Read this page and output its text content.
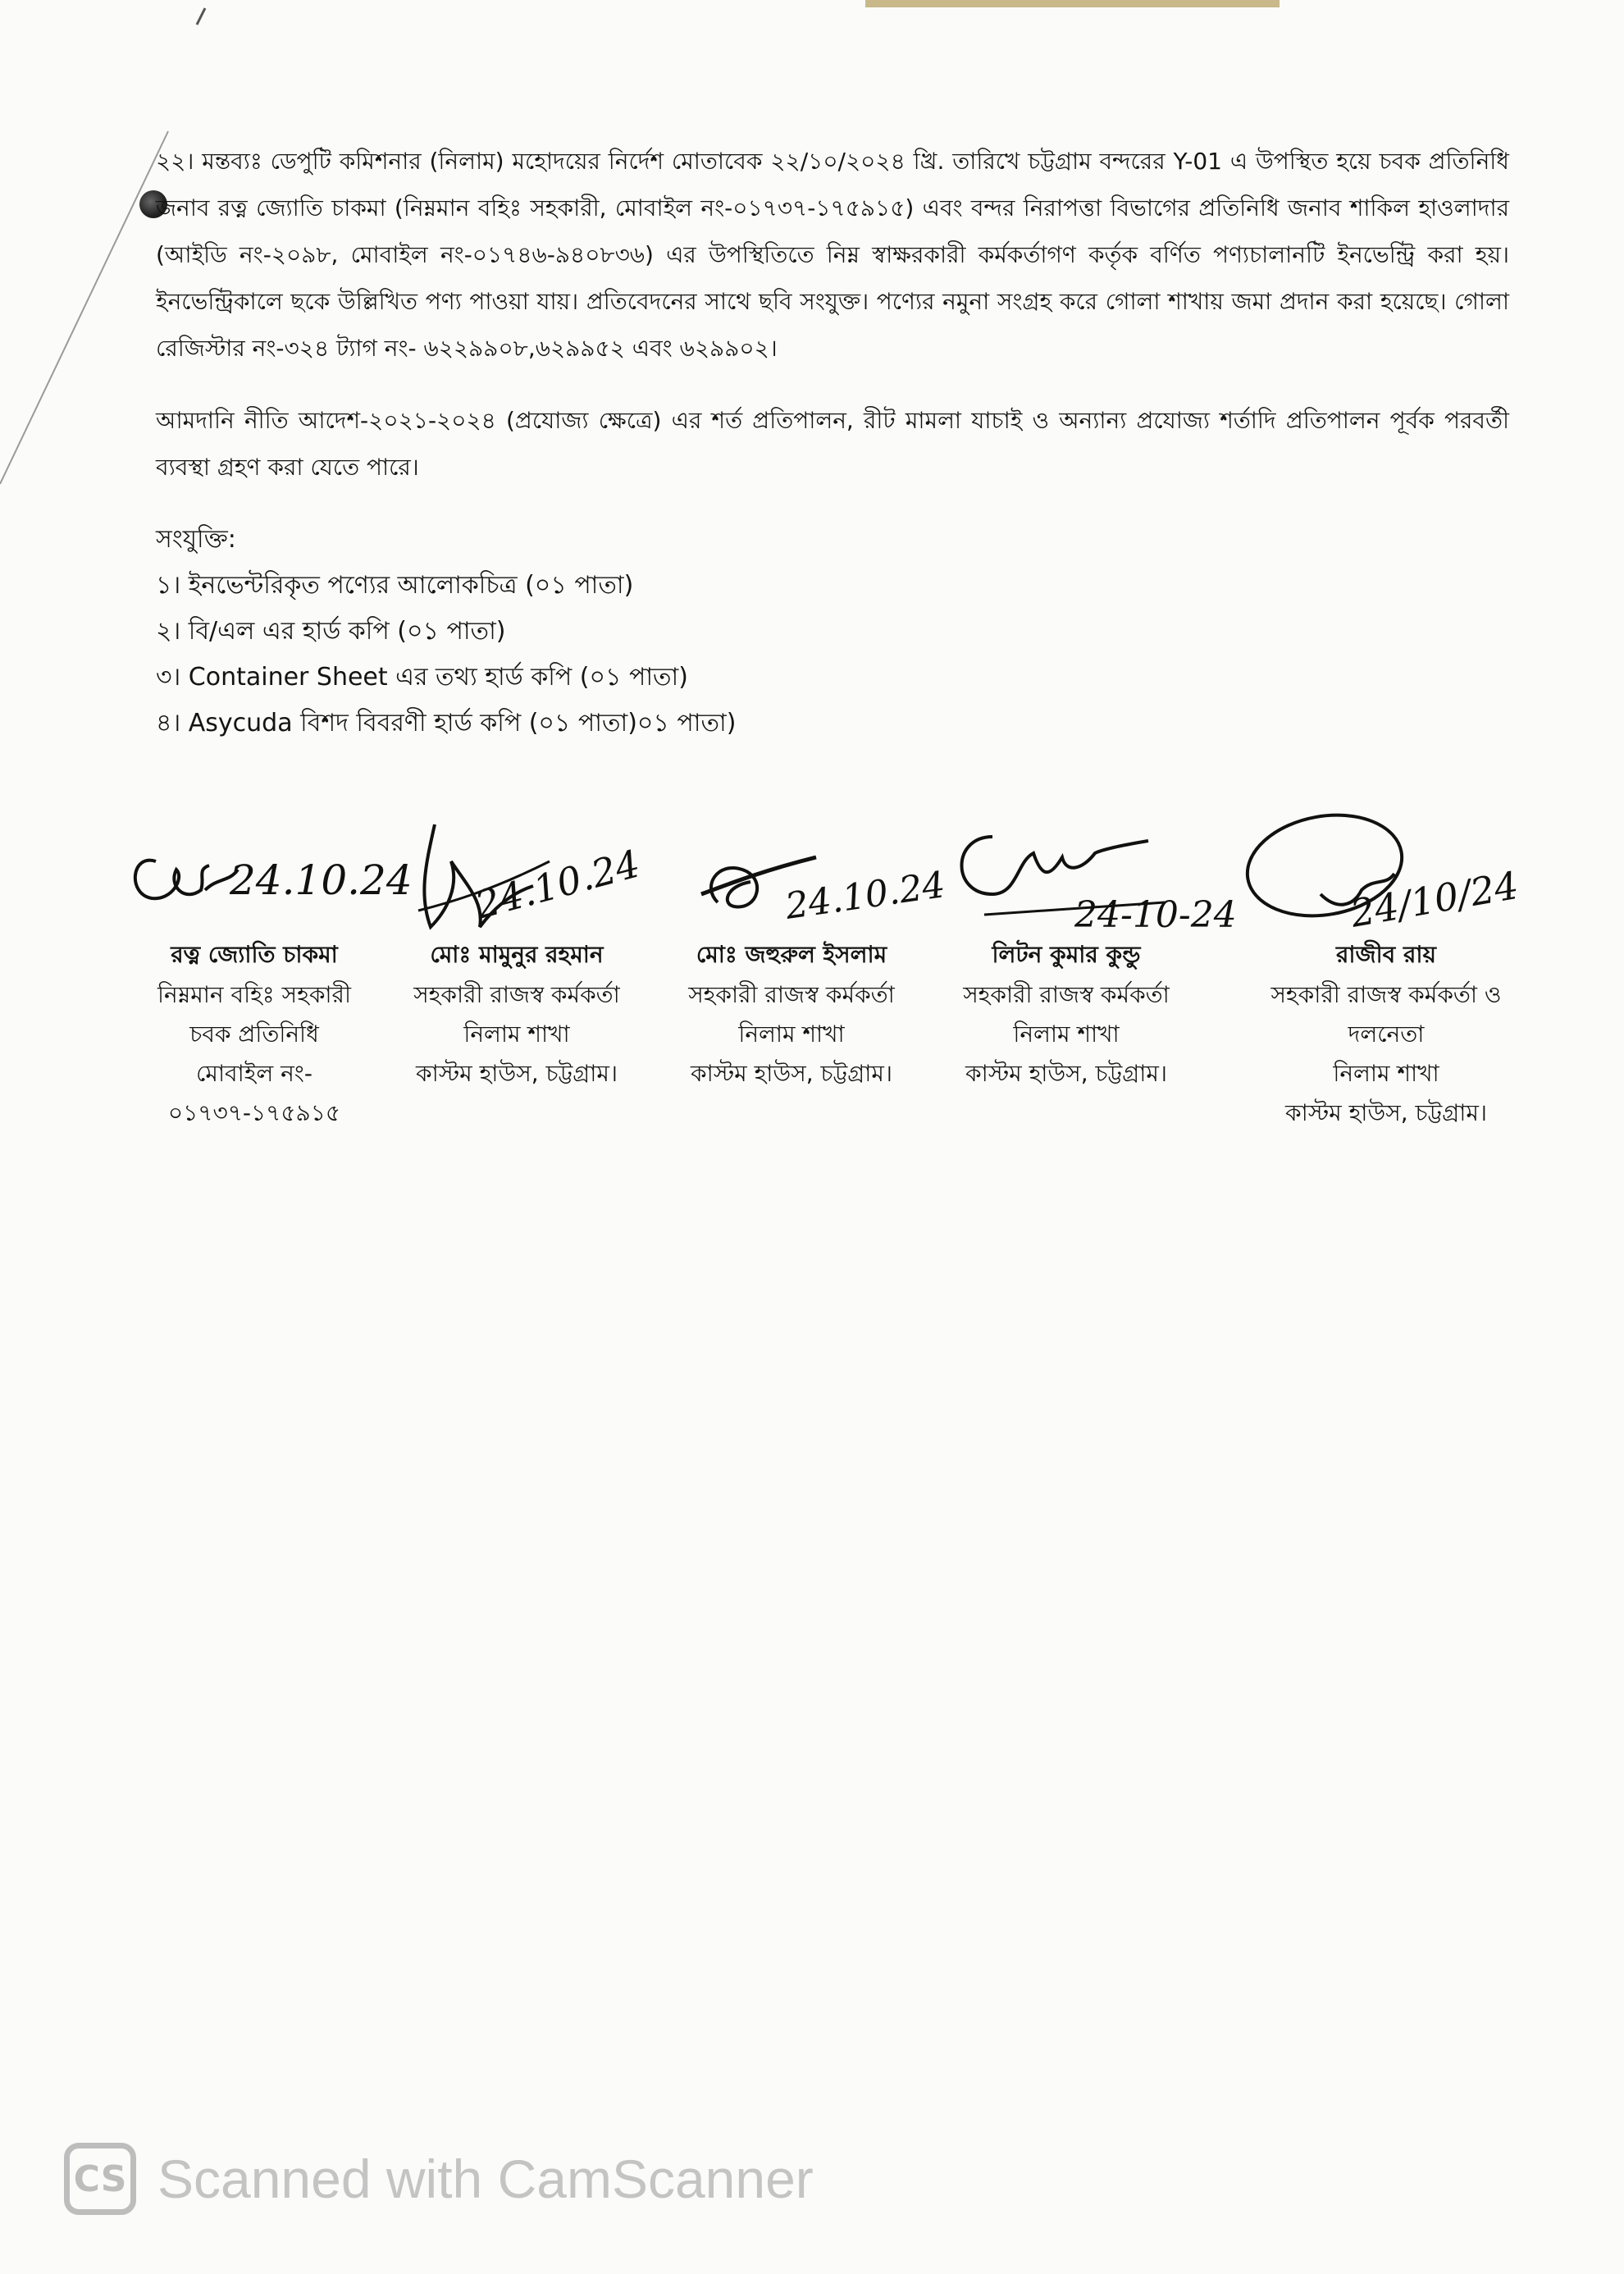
২২। মন্তব্যঃ ডেপুটি কমিশনার (নিলাম) মহোদয়ের নির্দেশ মোতাবেক ২২/১০/২০২৪ খ্রি. তারিখে চট্টগ্রাম বন্দরের Y-01 এ উপস্থিত হয়ে চবক প্রতিনিধি জনাব রত্ন জ্যোতি চাকমা (নিম্নমান বহিঃ সহকারী, মোবাইল নং-০১৭৩৭-১৭৫৯১৫) এবং বন্দর নিরাপত্তা বিভাগের প্রতিনিধি জনাব শাকিল হাওলাদার (আইডি নং-২০৯৮, মোবাইল নং-০১৭৪৬-৯৪০৮৩৬) এর উপস্থিতিতে নিম্ন স্বাক্ষরকারী কর্মকর্তাগণ কর্তৃক বর্ণিত পণ্যচালানটি ইনভেন্ট্রি করা হয়। ইনভেন্ট্রিকালে ছকে উল্লিখিত পণ্য পাওয়া যায়। প্রতিবেদনের সাথে ছবি সংযুক্ত। পণ্যের নমুনা সংগ্রহ করে গোলা শাখায় জমা প্রদান করা হয়েছে। গোলা রেজিস্টার নং-৩২৪ ট্যাগ নং- ৬২২৯৯০৮,৬২৯৯৫২ এবং ৬২৯৯০২।

আমদানি নীতি আদেশ-২০২১-২০২৪ (প্রযোজ্য ক্ষেত্রে) এর শর্ত প্রতিপালন, রীট মামলা যাচাই ও অন্যান্য প্রযোজ্য শর্তাদি প্রতিপালন পূর্বক পরবর্তী ব্যবস্থা গ্রহণ করা যেতে পারে।

সংযুক্তি:
১। ইনভেন্টরিকৃত পণ্যের আলোকচিত্র (০১ পাতা)
২। বি/এল এর হার্ড কপি (০১ পাতা)
৩। Container Sheet এর তথ্য হার্ড কপি (০১ পাতা)
৪। Asycuda বিশদ বিবরণী হার্ড কপি (০১ পাতা)০১ পাতা)
24.10.24
রত্ন জ্যোতি চাকমা
নিম্নমান বহিঃ সহকারী
চবক প্রতিনিধি
মোবাইল নং-
০১৭৩৭-১৭৫৯১৫
24.10.24
মোঃ মামুনুর রহমান
সহকারী রাজস্ব কর্মকর্তা
নিলাম শাখা
কাস্টম হাউস, চট্টগ্রাম।
24.10.24
মোঃ জহুরুল ইসলাম
সহকারী রাজস্ব কর্মকর্তা
নিলাম শাখা
কাস্টম হাউস, চট্টগ্রাম।
24-10-24
লিটন কুমার কুন্ডু
সহকারী রাজস্ব কর্মকর্তা
নিলাম শাখা
কাস্টম হাউস, চট্টগ্রাম।
24/10/24
রাজীব রায়
সহকারী রাজস্ব কর্মকর্তা ও
দলনেতা
নিলাম শাখা
কাস্টম হাউস, চট্টগ্রাম।
CS Scanned with CamScanner
